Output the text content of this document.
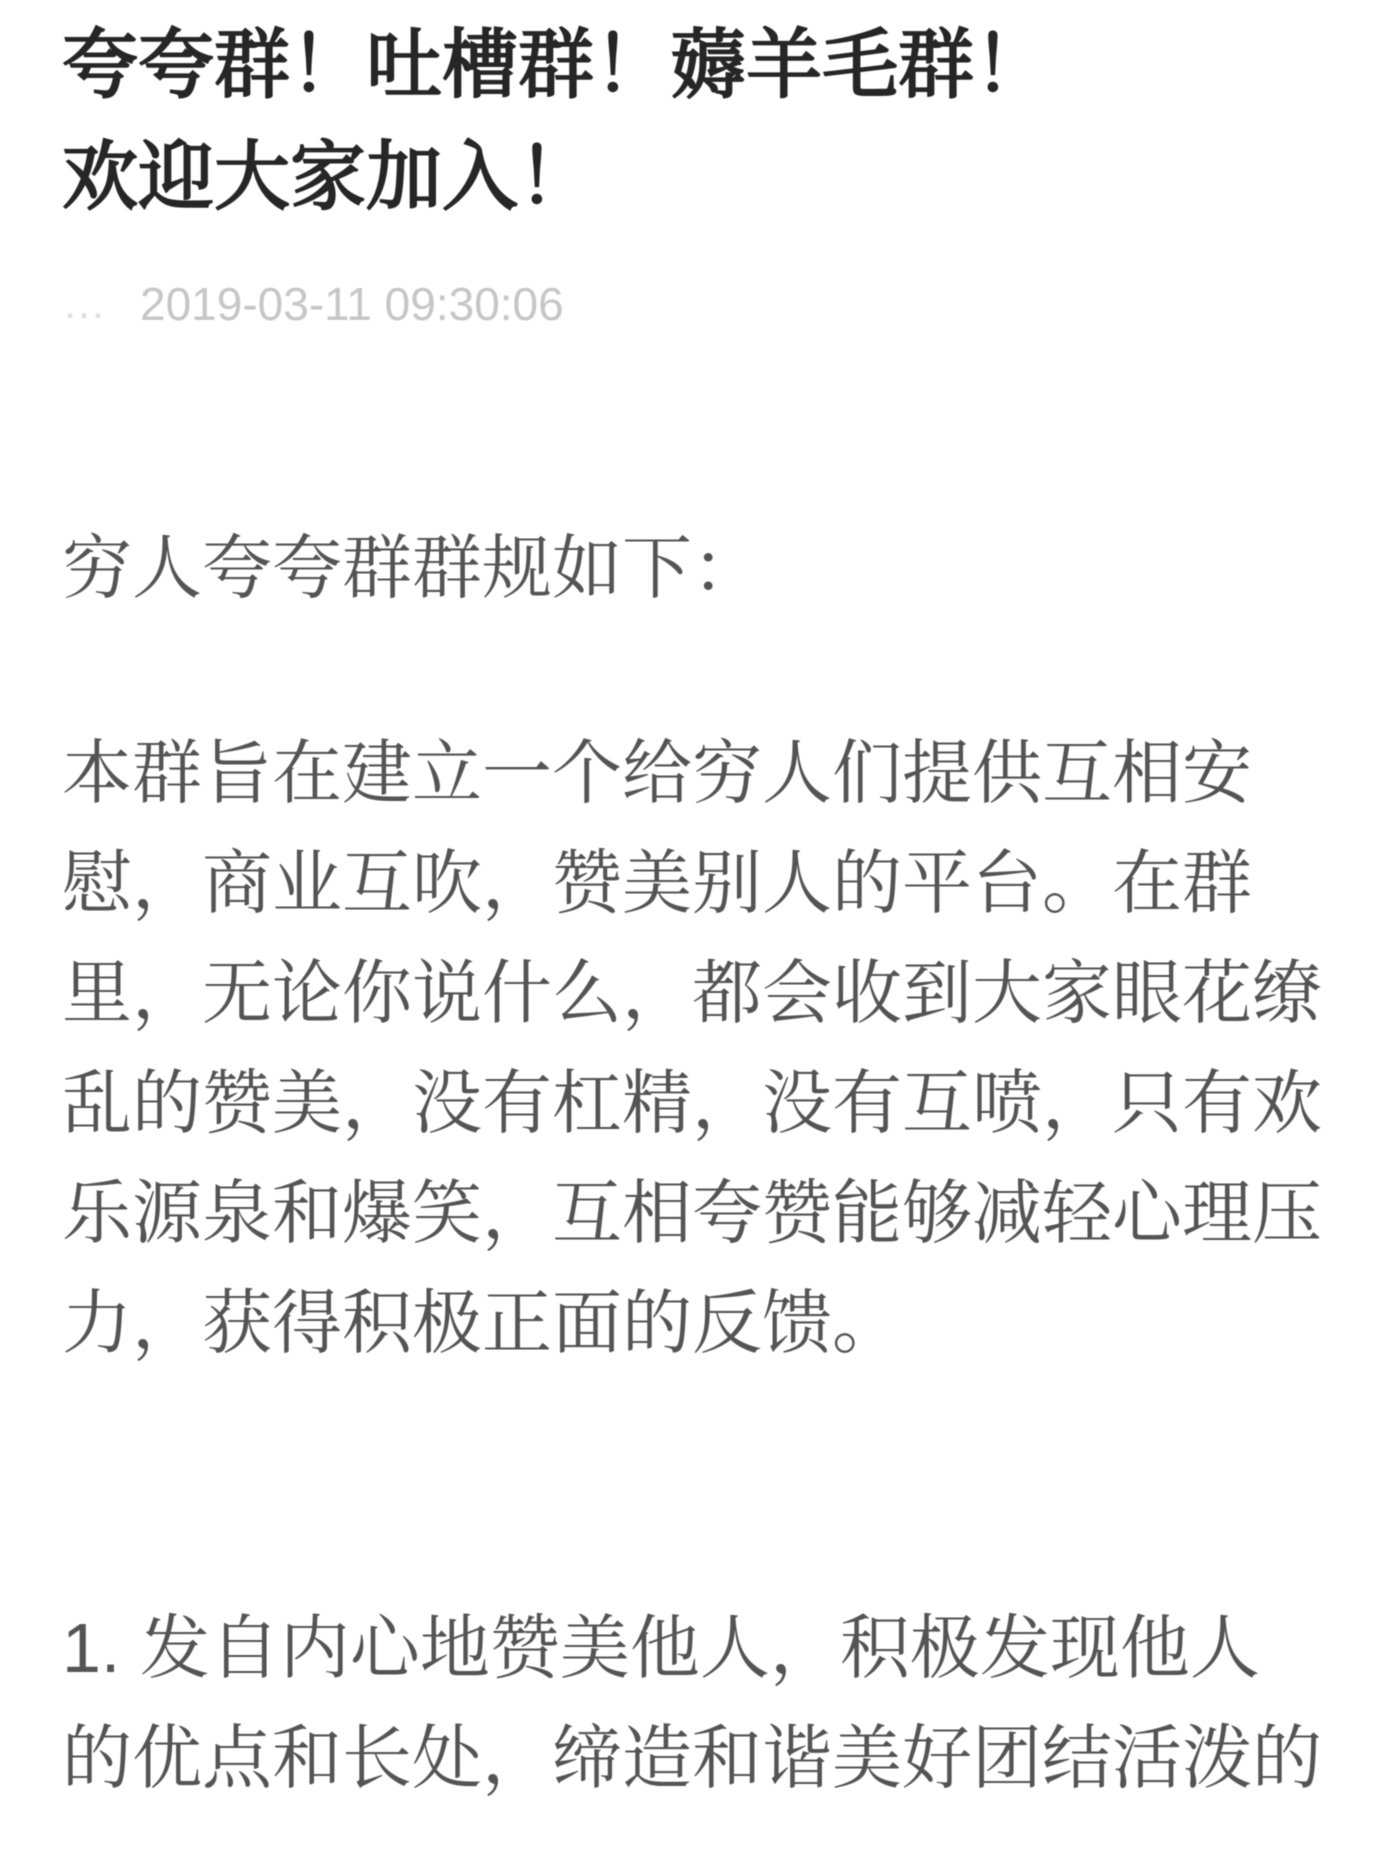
夸夸群！吐槽群！薅羊毛群！
欢迎大家加入！
… 2019-03-11 09:30:06

穷人夸夸群群规如下：

本群旨在建立一个给穷人们提供互相安
慰，商业互吹，赞美别人的平台。在群
里，无论你说什么，都会收到大家眼花缭
乱的赞美，没有杠精，没有互喷，只有欢
乐源泉和爆笑，互相夸赞能够减轻心理压
力，获得积极正面的反馈。
1. 发自内心地赞美他人，积极发现他人
的优点和长处，缔造和谐美好团结活泼的
